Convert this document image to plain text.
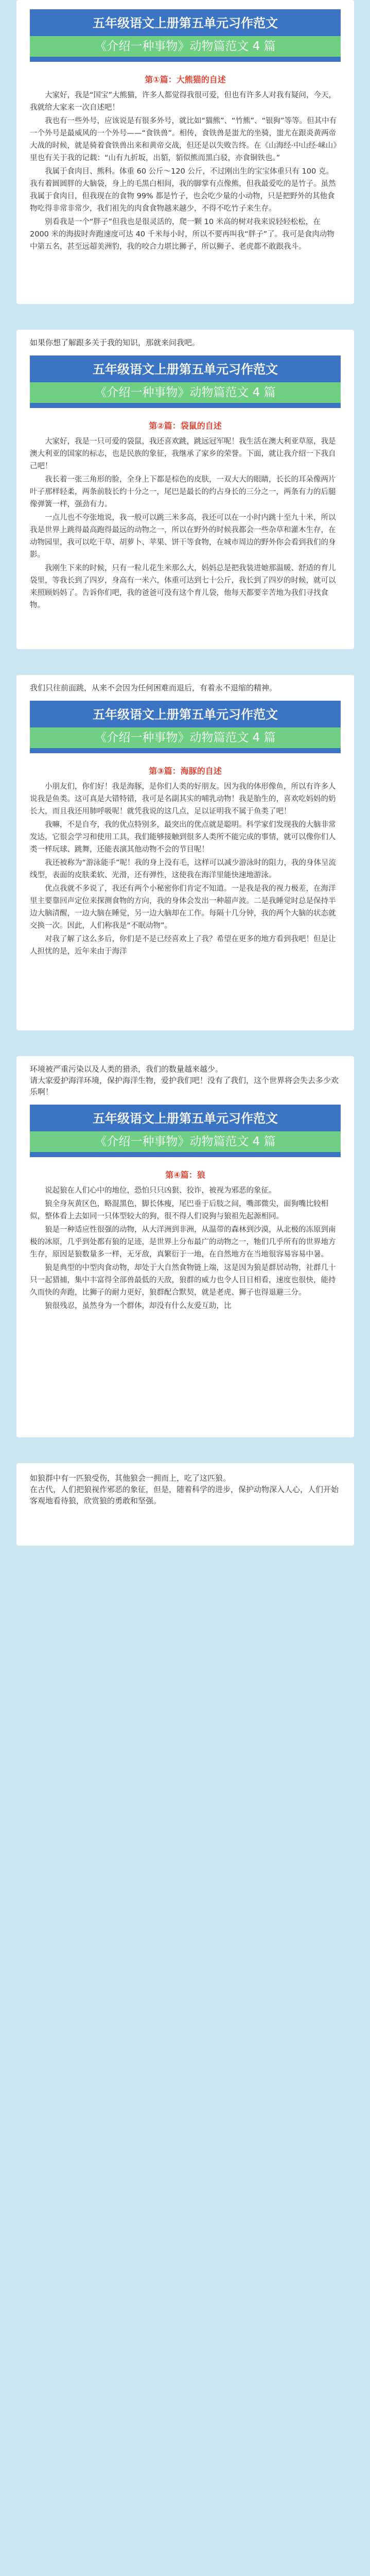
五年级语文上册第五单元习作范文
《介绍一种事物》动物篇范文 4 篇
第①篇：大熊猫的自述

大家好，我是“国宝”大熊猫，许多人都觉得我很可爱，但也有许多人对我有疑问，今天，我就给大家来一次自述吧！

我也有一些外号，应该说是有很多外号，就比如“猫熊”、“竹熊”、“银狗”等等。但其中有一个外号是最威风的一个外号——“食铁兽”。相传，食铁兽是蚩尤的坐骑，蚩尤在跟炎黄两帝大战的时候，就是骑着食铁兽出来和黄帝交战，但还是以失败告终。在《山海经·中山经·崃山》里也有关于我的记载：“山有九折坂，出貊，貊似熊而黑白驳，亦食铜铁也。”

我属于食肉目、熊科。体重 60 公斤～120 公斤，不过刚出生的宝宝体重只有 100 克。我有着圆圆胖的大脑袋，身上的毛黑白相间，我的脚掌有点像熊，但我最爱吃的是竹子。虽然我属于食肉目，但我现在的食物 99% 都是竹子，也会吃少量的小动物，只是把野外的其他食物吃得非常非常少，我们祖先的肉食食物越来越少，不得不吃竹子来生存。

别看我是一个“胖子”但我也是很灵活的，爬一颗 10 米高的树对我来说轻轻松松，在 2000 米的海拔时奔跑速度可达 40 千米每小时，所以不要再叫我“胖子”了。我可是食肉动物中第五名，甚至远超美洲豹，我的咬合力堪比狮子，所以狮子、老虎都不敢跟我斗。

如果你想了解跟多关于我的知识，那就来问我吧。
五年级语文上册第五单元习作范文
《介绍一种事物》动物篇范文 4 篇
第②篇：袋鼠的自述

大家好，我是一只可爱的袋鼠，我还喜欢跳，跳远冠军呢！我生活在澳大利亚草原，我是澳大利亚的国家的标志，也是民族的象征，我继承了家乡的荣誉。下面，就让我介绍一下我自己吧！

我长着一张三角形的脸，全身上下都是棕色的皮肤，一双大大的眼睛，长长的耳朵像两片叶子那样轻柔，两条前肢长约十分之一，尾巴是最长的约占身长的三分之一，两条有力的后腿像弹簧一样，强劲有力。

一点儿也不夸张地说，我一般可以跳三米多高，我还可以在一小时内跳十至九十米，所以我是世界上跳得最高跑得最远的动物之一，所以在野外的时候我都会一些杂草和灌木生存，在动物园里，我可以吃干草、胡萝卜、苹果、饼干等食物，在城市周边的野外你会看到我们的身影。

我刚生下来的时候，只有一粒儿花生米那么大，妈妈总是把我装进她那温暖、舒适的育儿袋里，等我长到了四岁，身高有一米六，体重可达到七十公斤，我长到了四岁的时候，就可以来照顾妈妈了。告诉你们吧，我的爸爸可没有这个育儿袋，他每天都要辛苦地为我们寻找食物。

我们只往前面跳，从来不会因为任何困难而退后，有着永不退缩的精神。
五年级语文上册第五单元习作范文
《介绍一种事物》动物篇范文 4 篇
第③篇：海豚的自述

小朋友们，你们好！我是海豚，是你们人类的好朋友。因为我的体形像鱼，所以有许多人说我是鱼类。这可真是大错特错，我可是名副其实的哺乳动物！我是胎生的，喜欢吃妈妈的奶长大，而且我还用肺呼吸呢！就凭我说的这几点，足以证明我不属于鱼类了吧！

我嘛，不是自夸，我的优点特别多，最突出的优点就是聪明。科学家们发现我的大脑非常发达，它很会学习和使用工具，我们能够接触到很多人类所不能完成的事情，就可以像你们人类一样玩球、跳舞，还能表演其他动物不会的节目呢！

我还被称为“游泳能手”呢！我的身上没有毛，这样可以减少游泳时的阻力，我的身体呈流线型，表面的皮肤柔软、光滑，还有弹性，这使我在海洋里能快速地游泳。

优点我就不多说了，我还有两个小秘密你们肯定不知道。一是我是我的视力极差，在海洋里主要靠回声定位来探测食物的方向，我的身体会发出一种超声波。二是我睡觉时总是保持半边大脑清醒，一边大脑在睡觉，另一边大脑却在工作。每隔十几分钟，我的两个大脑的状态就交换一次。因此，人们称我是“不眠动物”。

对我了解了这么多后，你们是不是已经喜欢上了我？希望在更多的地方看到我吧！但是让人担忧的是，近年来由于海洋

环境被严重污染以及人类的猎杀，我们的数量越来越少。
请大家爱护海洋环境，保护海洋生物，爱护我们吧！没有了我们，这个世界将会失去多少欢乐啊！
五年级语文上册第五单元习作范文
《介绍一种事物》动物篇范文 4 篇
第④篇：狼

说起狼在人们心中的地位，恐怕只只凶狠、狡诈，被视为邪恶的象征。

狼全身灰黄区色，略混黑色，脚长体瘦，尾巴垂于后肢之间，嘴部微尖，面狗嘴比较相似，整体看上去如同一只体型较大的狗，很不得人们说狗与狼祖先起源相同。

狼是一种适应性很强的动物，从大洋洲到非洲，从温带的森林到沙漠，从北极的冻原到南极的冰原，几乎到处都有狼的足迹，是世界上分布最广的动物之一，牠们几乎所有的世界地方生存，原因是狼数量多一样，无牙敌，真繁衍于一地，在自然地方在当地很容易容易中暑。

狼是典型的中型肉食动物，却处于大自然食物链上端，这是因为狼是群居动物，社群几十只一起猎捕，集中丰富得全部兽最低的天敌，狼群的威力也令人目目相看，速度也很快，能持久而快的奔跑，比狮子的耐力更好，狼群配合默契，就是老虎、狮子也得退避三分。

狼很残忍，虽然身为一个群体，却没有什么友爱互助，比

如狼群中有一匹狼受伤，其他狼会一拥而上，吃了这匹狼。
在古代，人们把狼视作邪恶的象征，但是，随着科学的进步，保护动物深入人心，人们开始客观地看待狼，欣赏狼的勇敢和坚强。
